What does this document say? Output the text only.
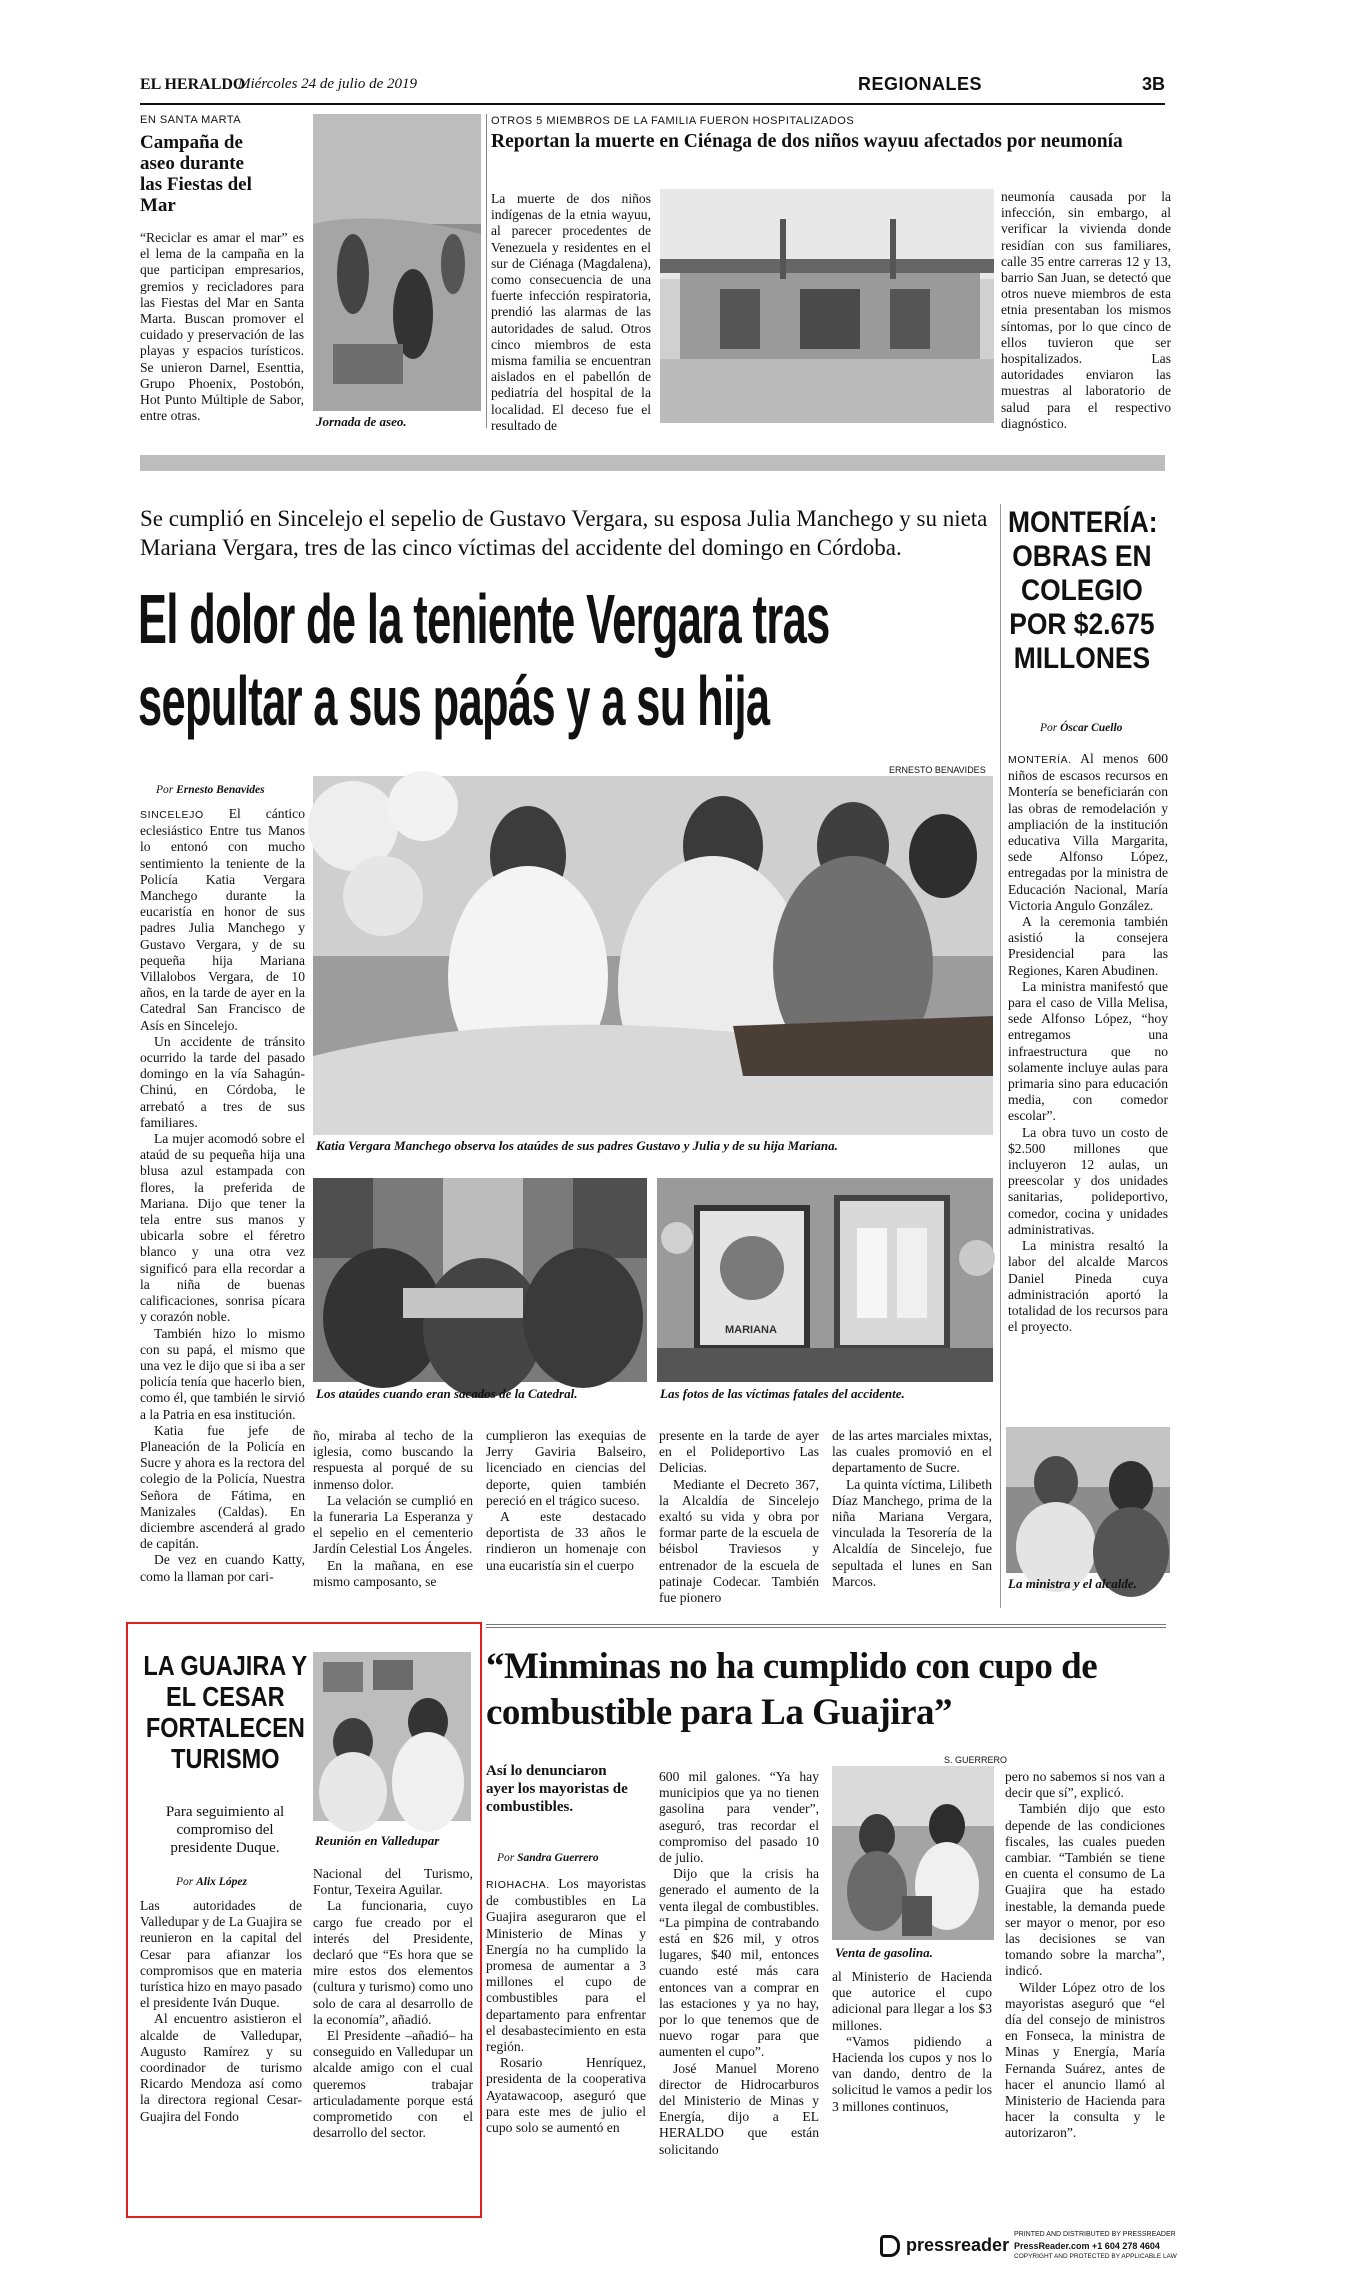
EL HERALDO
Miércoles 24 de julio de 2019	REGIONALES	3B
EN SANTA MARTA
Campaña de aseo durante las Fiestas del Mar

“Reciclar es amar el mar” es el lema de la campaña en la que participan empresarios, gremios y recicladores para las Fiestas del Mar en Santa Marta. Buscan promover el cuidado y preservación de las playas y espacios turísticos. Se unieron Darnel, Esenttia, Grupo Phoenix, Postobón, Hot Punto Múltiple de Sabor, entre otras.	Jornada de aseo.
OTROS 5 MIEMBROS DE LA FAMILIA FUERON HOSPITALIZADOS
Reportan la muerte en Ciénaga de dos niños wayuu afectados por neumonía

La muerte de dos niños indígenas de la etnia wayuu, al parecer procedentes de Venezuela y residentes en el sur de Ciénaga (Magdalena), como consecuencia de una fuerte infección respiratoria, prendió las alarmas de las autoridades de salud. Otros cinco miembros de esta misma familia se encuentran aislados en el pabellón de pediatría del hospital de la localidad. El deceso fue el resultado de

neumonía causada por la infección, sin embargo, al verificar la vivienda donde residían con sus familiares, calle 35 entre carreras 12 y 13, barrio San Juan, se detectó que otros nueve miembros de esta etnia presentaban los mismos síntomas, por lo que cinco de ellos tuvieron que ser hospitalizados. Las autoridades enviaron las muestras al laboratorio de salud para el respectivo diagnóstico.

Se cumplió en Sincelejo el sepelio de Gustavo Vergara, su esposa Julia Manchego y su nieta Mariana Vergara, tres de las cinco víctimas del accidente del domingo en Córdoba.
El dolor de la teniente Vergara tras sepultar a sus papás y a su hija
Por Ernesto Benavides

SINCELEJO El cántico eclesiástico Entre tus Manos lo entonó con mucho sentimiento la teniente de la Policía Katia Vergara Manchego durante la eucaristía en honor de sus padres Julia Manchego y Gustavo Vergara, y de su pequeña hija Mariana Villalobos Vergara, de 10 años, en la tarde de ayer en la Catedral San Francisco de Asís en Sincelejo.

Un accidente de tránsito ocurrido la tarde del pasado domingo en la vía Sahagún-Chinú, en Córdoba, le arrebató a tres de sus familiares.

La mujer acomodó sobre el ataúd de su pequeña hija una blusa azul estampada con flores, la preferida de Mariana. Dijo que tener la tela entre sus manos y ubicarla sobre el féretro blanco y una otra vez significó para ella recordar a la niña de buenas calificaciones, sonrisa pícara y corazón noble.

También hizo lo mismo con su papá, el mismo que una vez le dijo que si iba a ser policía tenía que hacerlo bien, como él, que también le sirvió a la Patria en esa institución.

Katia fue jefe de Planeación de la Policía en Sucre y ahora es la rectora del colegio de la Policía, Nuestra Señora de Fátima, en Manizales (Caldas). En diciembre ascenderá al grado de capitán.

De vez en cuando Katty, como la llaman por cari-

ERNESTO BENAVIDES
Katia Vergara Manchego observa los ataúdes de sus padres Gustavo y Julia y de su hija Mariana.
MARIANA
Los ataúdes cuando eran sacados de la Catedral.	Las fotos de las víctimas fatales del accidente.

ño, miraba al techo de la iglesia, como buscando la respuesta al porqué de su inmenso dolor.

La velación se cumplió en la funeraria La Esperanza y el sepelio en el cementerio Jardín Celestial Los Ángeles.

En la mañana, en ese mismo camposanto, se

cumplieron las exequias de Jerry Gaviria Balseiro, licenciado en ciencias del deporte, quien también pereció en el trágico suceso.

A este destacado deportista de 33 años le rindieron un homenaje con una eucaristía sin el cuerpo

presente en la tarde de ayer en el Polideportivo Las Delicias.

Mediante el Decreto 367, la Alcaldía de Sincelejo exaltó su vida y obra por formar parte de la escuela de béisbol Traviesos y entrenador de la escuela de patinaje Codecar. También fue pionero

de las artes marciales mixtas, las cuales promovió en el departamento de Sucre.

La quinta víctima, Lilibeth Díaz Manchego, prima de la niña Mariana Vergara, vinculada la Tesorería de la Alcaldía de Sincelejo, fue sepultada el lunes en San Marcos.

MONTERÍA: OBRAS EN COLEGIO POR $2.675 MILLONES
Por Óscar Cuello

MONTERÍA. Al menos 600 niños de escasos recursos en Montería se beneficiarán con las obras de remodelación y ampliación de la institución educativa Villa Margarita, sede Alfonso López, entregadas por la ministra de Educación Nacional, María Victoria Angulo González.

A la ceremonia también asistió la consejera Presidencial para las Regiones, Karen Abudinen.

La ministra manifestó que para el caso de Villa Melisa, sede Alfonso López, “hoy entregamos una infraestructura que no solamente incluye aulas para primaria sino para educación media, con comedor escolar”.

La obra tuvo un costo de $2.500 millones que incluyeron 12 aulas, un preescolar y dos unidades sanitarias, polideportivo, comedor, cocina y unidades administrativas.

La ministra resaltó la labor del alcalde Marcos Daniel Pineda cuya administración aportó la totalidad de los recursos para el proyecto.

La ministra y el alcalde.
LA GUAJIRA Y EL CESAR FORTALECEN TURISMO
Para seguimiento al compromiso del presidente Duque.
Por Alix López
Reunión en Valledupar

Las autoridades de Valledupar y de La Guajira se reunieron en la capital del Cesar para afianzar los compromisos que en materia turística hizo en mayo pasado el presidente Iván Duque.

Al encuentro asistieron el alcalde de Valledupar, Augusto Ramírez y su coordinador de turismo Ricardo Mendoza así como la directora regional Cesar-Guajira del Fondo

Nacional del Turismo, Fontur, Texeira Aguilar.

La funcionaria, cuyo cargo fue creado por el interés del Presidente, declaró que “Es hora que se mire estos dos elementos (cultura y turismo) como uno solo de cara al desarrollo de la economía”, añadió.

El Presidente –añadió– ha conseguido en Valledupar un alcalde amigo con el cual queremos trabajar articuladamente porque está comprometido con el desarrollo del sector.

“Minminas no ha cumplido con cupo de combustible para La Guajira”
S. GUERRERO
Así lo denunciaron ayer los mayoristas de combustibles.
Por Sandra Guerrero

RIOHACHA. Los mayoristas de combustibles en La Guajira aseguraron que el Ministerio de Minas y Energía no ha cumplido la promesa de aumentar a 3 millones el cupo de combustibles para el departamento para enfrentar el desabastecimiento en esta región.

Rosario Henríquez, presidenta de la cooperativa Ayatawacoop, aseguró que para este mes de julio el cupo solo se aumentó en

600 mil galones. “Ya hay municipios que ya no tienen gasolina para vender”, aseguró, tras recordar el compromiso del pasado 10 de julio.

Dijo que la crisis ha generado el aumento de la venta ilegal de combustibles. “La pimpina de contrabando está en $26 mil, y otros lugares, $40 mil, entonces cuando esté más cara entonces van a comprar en las estaciones y ya no hay, por lo que tenemos que de nuevo rogar para que aumenten el cupo”.

José Manuel Moreno director de Hidrocarburos del Ministerio de Minas y Energía, dijo a EL HERALDO que están solicitando

Venta de gasolina.

al Ministerio de Hacienda que autorice el cupo adicional para llegar a los $3 millones.

“Vamos pidiendo a Hacienda los cupos y nos lo van dando, dentro de la solicitud le vamos a pedir los 3 millones continuos,

pero no sabemos si nos van a decir que sí”, explicó.

También dijo que esto depende de las condiciones fiscales, las cuales pueden cambiar. “También se tiene en cuenta el consumo de La Guajira que ha estado inestable, la demanda puede ser mayor o menor, por eso las decisiones se van tomando sobre la marcha”, indicó.

Wilder López otro de los mayoristas aseguró que “el día del consejo de ministros en Fonseca, la ministra de Minas y Energía, María Fernanda Suárez, antes de hacer el anuncio llamó al Ministerio de Hacienda para hacer la consulta y le autorizaron”.

pressreader
PRINTED AND DISTRIBUTED BY PRESSREADER
PressReader.com +1 604 278 4604
COPYRIGHT AND PROTECTED BY APPLICABLE LAW
